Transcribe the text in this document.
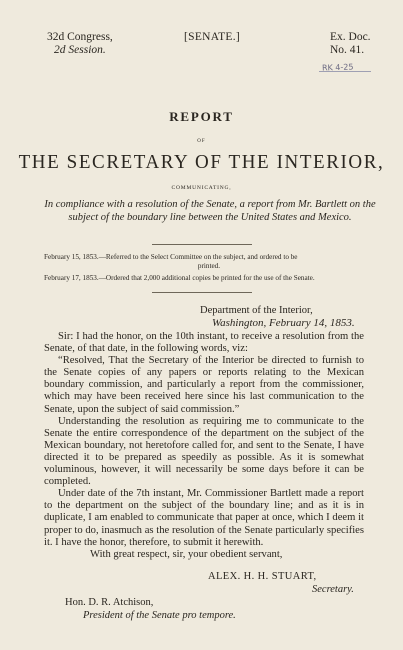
32d Congress,
2d Session.
[SENATE.]	Ex. Doc.
No. 41.
RK 4-25
REPORT
OF
THE SECRETARY OF THE INTERIOR,
COMMUNICATING,
In compliance with a resolution of the Senate, a report from Mr. Bartlett on the subject of the boundary line between the United States and Mexico.
February 15, 1853.—Referred to the Select Committee on the subject, and ordered to be
printed.
February 17, 1853.—Ordered that 2,000 additional copies be printed for the use of the Senate.
Department of the Interior,
Washington, February 14, 1853.

Sir: I had the honor, on the 10th instant, to receive a resolution from the Senate, of that date, in the following words, viz:

“Resolved, That the Secretary of the Interior be directed to furnish to the Senate copies of any papers or reports relating to the Mexican boundary commission, and particularly a report from the commissioner, which may have been received here since his last communication to the Senate, upon the subject of said commission.”

Understanding the resolution as requiring me to communicate to the Senate the entire correspondence of the department on the subject of the Mexican boundary, not heretofore called for, and sent to the Senate, I have directed it to be prepared as speedily as possible. As it is somewhat voluminous, however, it will necessarily be some days before it can be completed.

Under date of the 7th instant, Mr. Commissioner Bartlett made a report to the department on the subject of the boundary line; and as it is in duplicate, I am enabled to communicate that paper at once, which I deem it proper to do, inasmuch as the resolution of the Senate particularly specifies it. I have the honor, therefore, to submit it herewith.

With great respect, sir, your obedient servant,

ALEX. H. H. STUART,
Secretary.
Hon. D. R. Atchison,
President of the Senate pro tempore.
